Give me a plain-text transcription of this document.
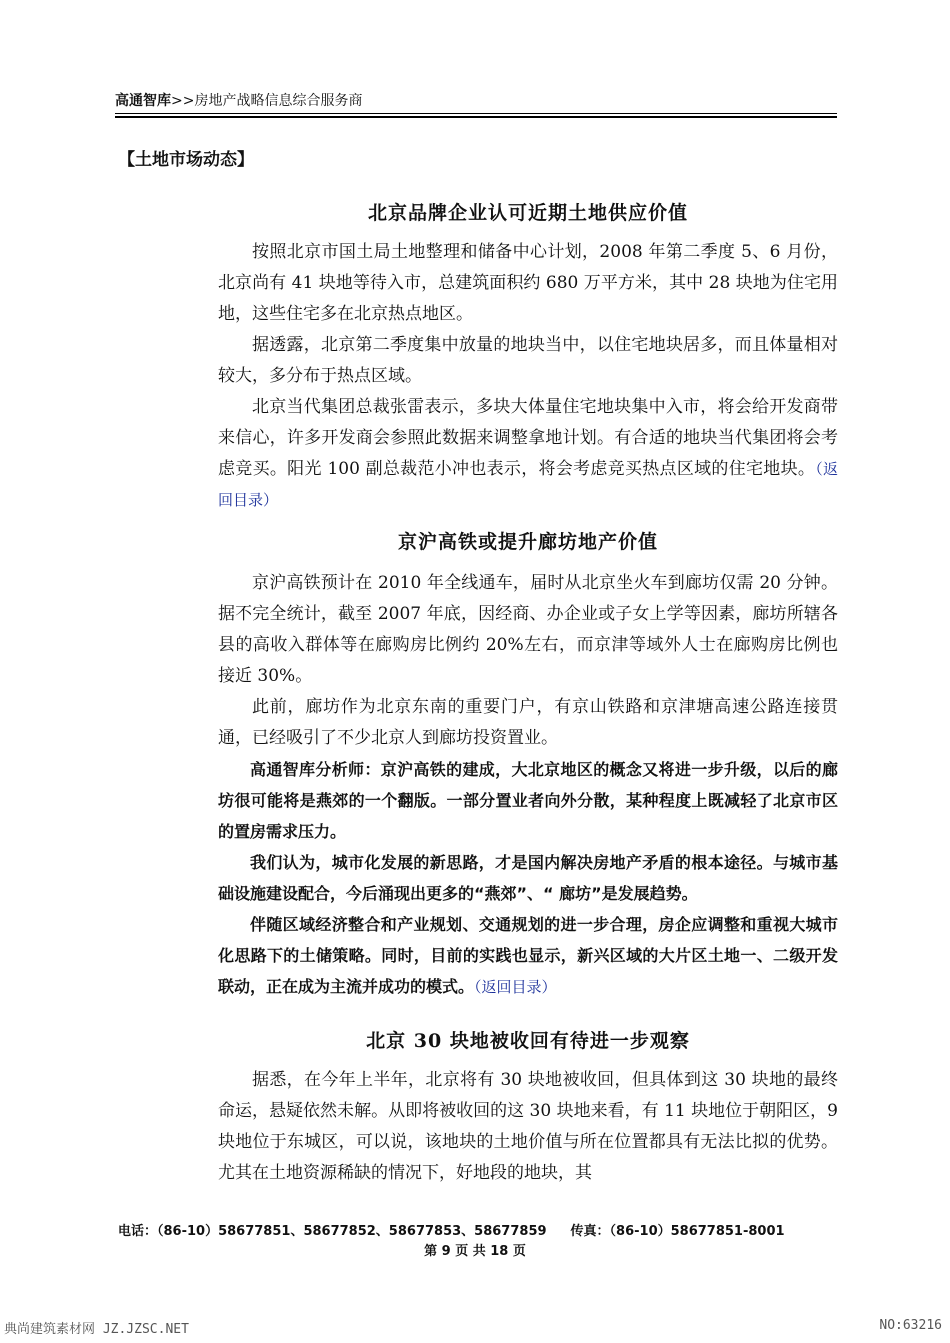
高通智库>>房地产战略信息综合服务商
【土地市场动态】
北京品牌企业认可近期土地供应价值

按照北京市国土局土地整理和储备中心计划，2008 年第二季度 5、6 月份，北京尚有 41 块地等待入市，总建筑面积约 680 万平方米，其中 28 块地为住宅用地，这些住宅多在北京热点地区。

据透露，北京第二季度集中放量的地块当中，以住宅地块居多，而且体量相对较大，多分布于热点区域。

北京当代集团总裁张雷表示，多块大体量住宅地块集中入市，将会给开发商带来信心，许多开发商会参照此数据来调整拿地计划。有合适的地块当代集团将会考虑竞买。阳光 100 副总裁范小冲也表示，将会考虑竞买热点区域的住宅地块。（返回目录）

京沪高铁或提升廊坊地产价值

京沪高铁预计在 2010 年全线通车，届时从北京坐火车到廊坊仅需 20 分钟。据不完全统计，截至 2007 年底，因经商、办企业或子女上学等因素，廊坊所辖各县的高收入群体等在廊购房比例约 20%左右，而京津等域外人士在廊购房比例也接近 30%。

此前，廊坊作为北京东南的重要门户，有京山铁路和京津塘高速公路连接贯通，已经吸引了不少北京人到廊坊投资置业。

高通智库分析师：京沪高铁的建成，大北京地区的概念又将进一步升级，以后的廊坊很可能将是燕郊的一个翻版。一部分置业者向外分散，某种程度上既减轻了北京市区的置房需求压力。

我们认为，城市化发展的新思路，才是国内解决房地产矛盾的根本途径。与城市基础设施建设配合，今后涌现出更多的“燕郊”、“ 廊坊”是发展趋势。

伴随区域经济整合和产业规划、交通规划的进一步合理，房企应调整和重视大城市化思路下的土储策略。同时，目前的实践也显示，新兴区域的大片区土地一、二级开发联动，正在成为主流并成功的模式。（返回目录）

北京 30 块地被收回有待进一步观察

据悉，在今年上半年，北京将有 30 块地被收回，但具体到这 30 块地的最终命运，悬疑依然未解。从即将被收回的这 30 块地来看，有 11 块地位于朝阳区，9 块地位于东城区，可以说，该地块的土地价值与所在位置都具有无法比拟的优势。尤其在土地资源稀缺的情况下，好地段的地块，其

电话：（86-10）58677851、58677852、58677853、58677859 传真：（86-10）58677851-8001
第 9 页 共 18 页
典尚建筑素材网 JZ.JZSC.NET	NO:63216
